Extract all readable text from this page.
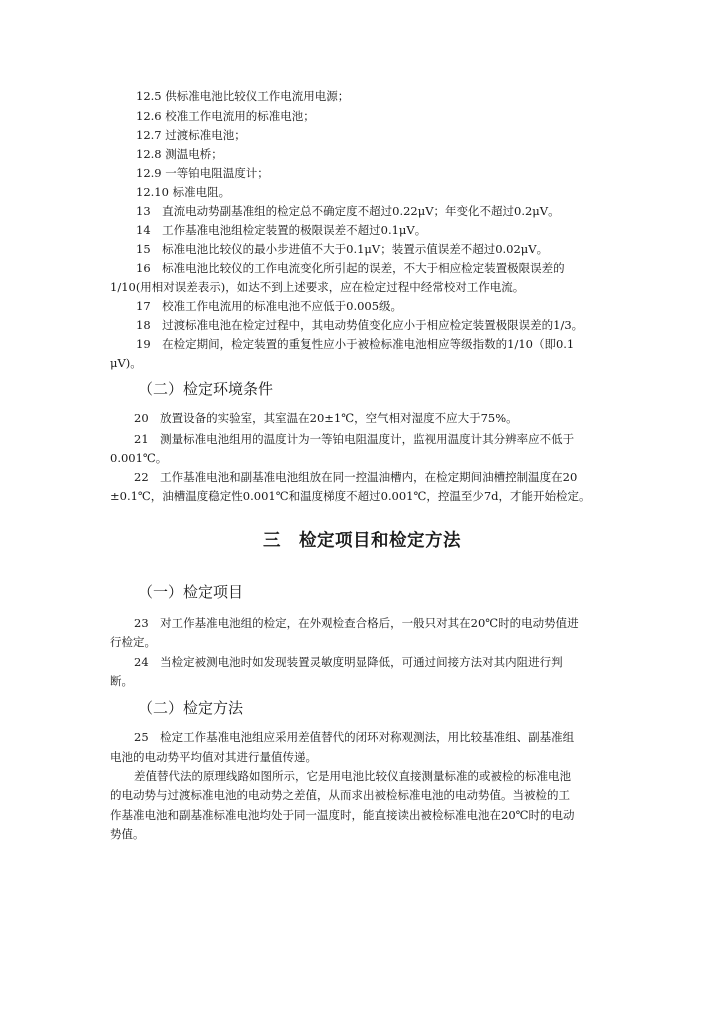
12.5 供标准电池比较仪工作电流用电源；
12.6 校准工作电流用的标准电池；
12.7 过渡标准电池；
12.8 测温电桥；
12.9 一等铂电阻温度计；
12.10 标准电阻。
13　直流电动势副基准组的检定总不确定度不超过0.22μV；年变化不超过0.2μV。
14　工作基准电池组检定装置的极限误差不超过0.1μV。
15　标准电池比较仪的最小步进值不大于0.1μV；装置示值误差不超过0.02μV。
16　标准电池比较仪的工作电流变化所引起的误差，不大于相应检定装置极限误差的
1/10(用相对误差表示)，如达不到上述要求，应在检定过程中经常校对工作电流。
17　校准工作电流用的标准电池不应低于0.005级。
18　过渡标准电池在检定过程中，其电动势值变化应小于相应检定装置极限误差的1/3。
19　在检定期间，检定装置的重复性应小于被检标准电池相应等级指数的1/10（即0.1
μV)。
（二）检定环境条件
20　放置设备的实验室，其室温在20±1℃，空气相对湿度不应大于75%。
21　测量标准电池组用的温度计为一等铂电阻温度计，监视用温度计其分辨率应不低于
0.001℃。
22　工作基准电池和副基准电池组放在同一控温油槽内，在检定期间油槽控制温度在20
±0.1℃，油槽温度稳定性0.001℃和温度梯度不超过0.001℃，控温至少7d，才能开始检定。
三　检定项目和检定方法
（一）检定项目
23　对工作基准电池组的检定，在外观检查合格后，一般只对其在20℃时的电动势值进
行检定。
24　当检定被测电池时如发现装置灵敏度明显降低，可通过间接方法对其内阻进行判
断。
（二）检定方法
25　检定工作基准电池组应采用差值替代的闭环对称观测法，用比较基准组、副基准组
电池的电动势平均值对其进行量值传递。
差值替代法的原理线路如图所示，它是用电池比较仪直接测量标准的或被检的标准电池
的电动势与过渡标准电池的电动势之差值，从而求出被检标准电池的电动势值。当被检的工
作基准电池和副基准标准电池均处于同一温度时，能直接读出被检标准电池在20℃时的电动
势值。
